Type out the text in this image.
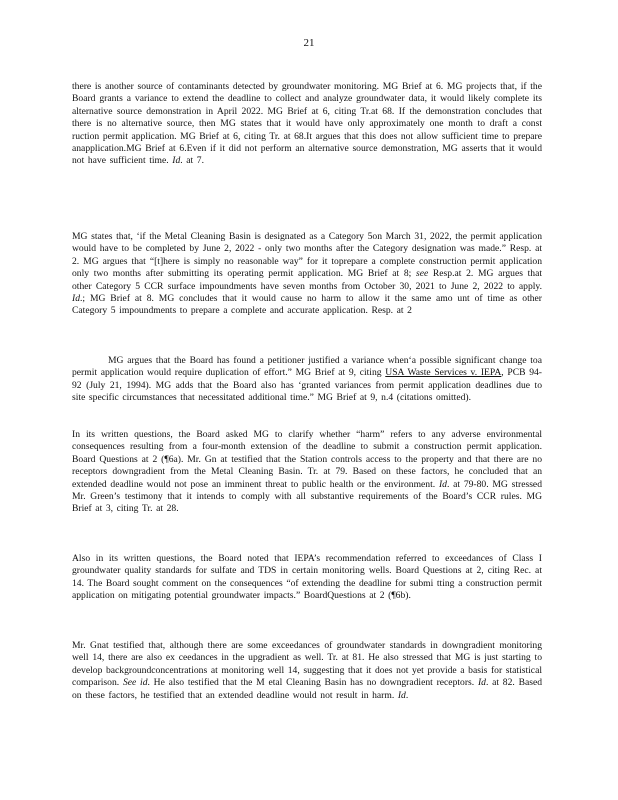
21

there is another source of contaminants detected by groundwater monitoring. MG Brief at 6. MG projects that, if the Board grants a variance to extend the deadline to collect and analyze groundwater data, it would likely complete its alternative source demonstration in April 2022. MG Brief at 6, citing Tr.at 68. If the demonstration concludes that there is no alternative source, then MG states that it would have only approximately one month to draft a const ruction permit application. MG Brief at 6, citing Tr. at 68.It argues that this does not allow sufficient time to prepare anapplication.MG Brief at 6.Even if it did not perform an alternative source demonstration, MG asserts that it would not have sufficient time. Id. at 7.

MG states that, ‘if the Metal Cleaning Basin is designated as a Category 5on March 31, 2022, the permit application would have to be completed by June 2, 2022 - only two months after the Category designation was made.” Resp. at 2. MG argues that “[t]here is simply no reasonable way” for it toprepare a complete construction permit application only two months after submitting its operating permit application. MG Brief at 8; see Resp.at 2. MG argues that other Category 5 CCR surface impoundments have seven months from October 30, 2021 to June 2, 2022 to apply. Id.; MG Brief at 8. MG concludes that it would cause no harm to allow it the same amo unt of time as other Category 5 impoundments to prepare a complete and accurate application. Resp. at 2

MG argues that the Board has found a petitioner justified a variance when‘a possible significant change toa permit application would require duplication of effort.” MG Brief at 9, citing USA Waste Services v. IEPA, PCB 94-92 (July 21, 1994). MG adds that the Board also has ‘granted variances from permit application deadlines due to site specific circumstances that necessitated additional time.” MG Brief at 9, n.4 (citations omitted).

In its written questions, the Board asked MG to clarify whether “harm” refers to any adverse environmental consequences resulting from a four-month extension of the deadline to submit a construction permit application. Board Questions at 2 (¶6a). Mr. Gn at testified that the Station controls access to the property and that there are no receptors downgradient from the Metal Cleaning Basin. Tr. at 79. Based on these factors, he concluded that an extended deadline would not pose an imminent threat to public health or the environment. Id. at 79-80. MG stressed Mr. Green’s testimony that it intends to comply with all substantive requirements of the Board’s CCR rules. MG Brief at 3, citing Tr. at 28.

Also in its written questions, the Board noted that IEPA’s recommendation referred to exceedances of Class I groundwater quality standards for sulfate and TDS in certain monitoring wells. Board Questions at 2, citing Rec. at 14. The Board sought comment on the consequences “of extending the deadline for submi tting a construction permit application on mitigating potential groundwater impacts.” BoardQuestions at 2 (¶6b).

Mr. Gnat testified that, although there are some exceedances of groundwater standards in downgradient monitoring well 14, there are also ex ceedances in the upgradient as well. Tr. at 81. He also stressed that MG is just starting to develop backgroundconcentrations at monitoring well 14, suggesting that it does not yet provide a basis for statistical comparison. See id. He also testified that the M etal Cleaning Basin has no downgradient receptors. Id. at 82. Based on these factors, he testified that an extended deadline would not result in harm. Id.
